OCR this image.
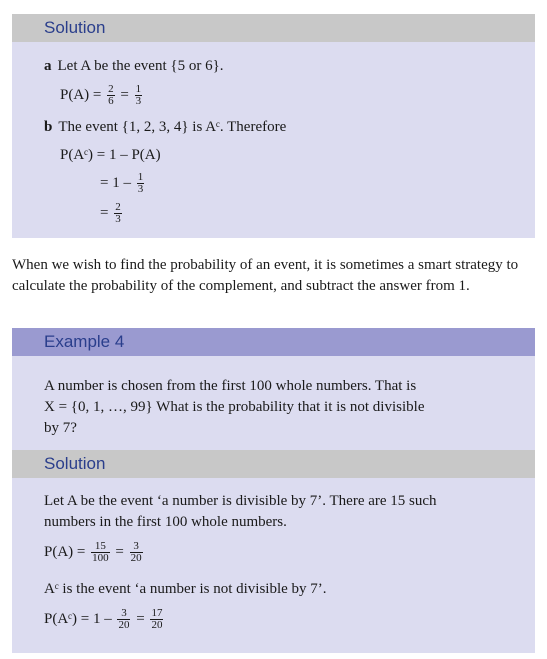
Solution
a Let A be the event {5 or 6}.
$P(A) = \frac{2}{6} = \frac{1}{3}$
b The event {1, 2, 3, 4} is Aᶜ. Therefore
P(Aᶜ) = 1 – P(A)
= $1 - \frac{1}{3}$
= $\frac{2}{3}$
When we wish to find the probability of an event, it is sometimes a smart strategy to calculate the probability of the complement, and subtract the answer from 1.
Example 4
A number is chosen from the first 100 whole numbers. That is
X = {0, 1, …, 99} What is the probability that it is not divisible
by 7?
Solution
Let A be the event ‘a number is divisible by 7’. There are 15 such
numbers in the first 100 whole numbers.
$P(A) = \frac{15}{100} = \frac{3}{20}$
Aᶜ is the event ‘a number is not divisible by 7’.
P(Aᶜ) = $1 - \frac{3}{20} = \frac{17}{20}$
